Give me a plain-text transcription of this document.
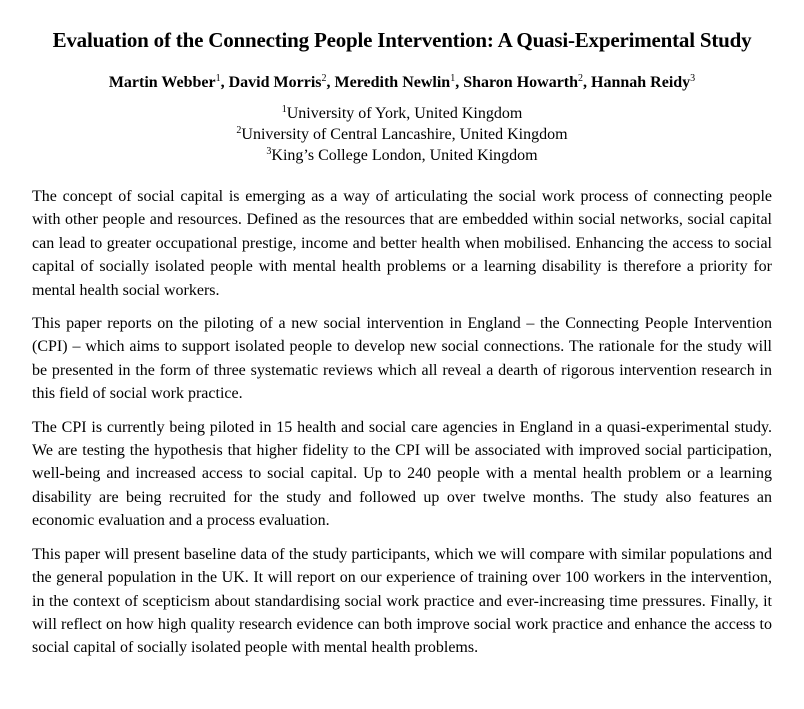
Evaluation of the Connecting People Intervention: A Quasi-Experimental Study
Martin Webber$^1$, David Morris$^2$, Meredith Newlin$^1$, Sharon Howarth$^2$, Hannah Reidy$^3$
$^1$University of York, United Kingdom
$^2$University of Central Lancashire, United Kingdom
$^3$King’s College London, United Kingdom

The concept of social capital is emerging as a way of articulating the social work process of connecting people with other people and resources. Defined as the resources that are embedded within social networks, social capital can lead to greater occupational prestige, income and better health when mobilised. Enhancing the access to social capital of socially isolated people with mental health problems or a learning disability is therefore a priority for mental health social workers.

This paper reports on the piloting of a new social intervention in England – the Connecting People Intervention (CPI) – which aims to support isolated people to develop new social connections. The rationale for the study will be presented in the form of three systematic reviews which all reveal a dearth of rigorous intervention research in this field of social work practice.

The CPI is currently being piloted in 15 health and social care agencies in England in a quasi-experimental study. We are testing the hypothesis that higher fidelity to the CPI will be associated with improved social participation, well-being and increased access to social capital. Up to 240 people with a mental health problem or a learning disability are being recruited for the study and followed up over twelve months. The study also features an economic evaluation and a process evaluation.

This paper will present baseline data of the study participants, which we will compare with similar populations and the general population in the UK. It will report on our experience of training over 100 workers in the intervention, in the context of scepticism about standardising social work practice and ever-increasing time pressures. Finally, it will reflect on how high quality research evidence can both improve social work practice and enhance the access to social capital of socially isolated people with mental health problems.
